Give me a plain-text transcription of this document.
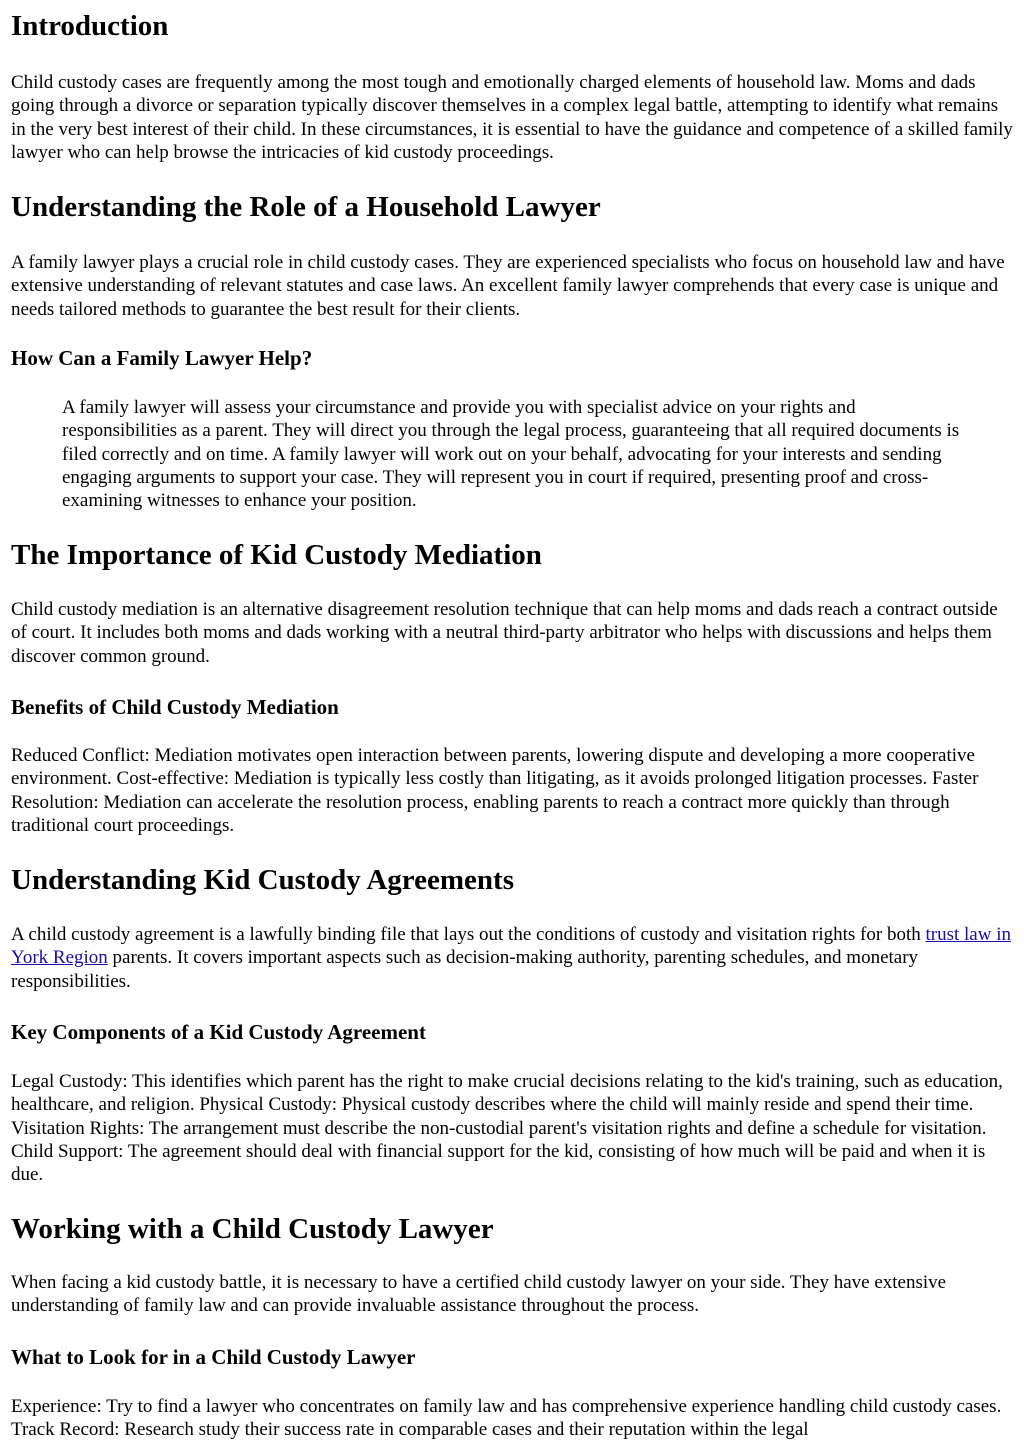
Introduction

Child custody cases are frequently among the most tough and emotionally charged elements of household law. Moms and dads going through a divorce or separation typically discover themselves in a complex legal battle, attempting to identify what remains in the very best interest of their child. In these circumstances, it is essential to have the guidance and competence of a skilled family lawyer who can help browse the intricacies of kid custody proceedings.

Understanding the Role of a Household Lawyer

A family lawyer plays a crucial role in child custody cases. They are experienced specialists who focus on household law and have extensive understanding of relevant statutes and case laws. An excellent family lawyer comprehends that every case is unique and needs tailored methods to guarantee the best result for their clients.

How Can a Family Lawyer Help?

A family lawyer will assess your circumstance and provide you with specialist advice on your rights and responsibilities as a parent. They will direct you through the legal process, guaranteeing that all required documents is filed correctly and on time. A family lawyer will work out on your behalf, advocating for your interests and sending engaging arguments to support your case. They will represent you in court if required, presenting proof and cross-examining witnesses to enhance your position.

The Importance of Kid Custody Mediation

Child custody mediation is an alternative disagreement resolution technique that can help moms and dads reach a contract outside of court. It includes both moms and dads working with a neutral third-party arbitrator who helps with discussions and helps them discover common ground.

Benefits of Child Custody Mediation

Reduced Conflict: Mediation motivates open interaction between parents, lowering dispute and developing a more cooperative environment. Cost-effective: Mediation is typically less costly than litigating, as it avoids prolonged litigation processes. Faster Resolution: Mediation can accelerate the resolution process, enabling parents to reach a contract more quickly than through traditional court proceedings.

Understanding Kid Custody Agreements

A child custody agreement is a lawfully binding file that lays out the conditions of custody and visitation rights for both trust law in York Region parents. It covers important aspects such as decision-making authority, parenting schedules, and monetary responsibilities.

Key Components of a Kid Custody Agreement

Legal Custody: This identifies which parent has the right to make crucial decisions relating to the kid's training, such as education, healthcare, and religion. Physical Custody: Physical custody describes where the child will mainly reside and spend their time. Visitation Rights: The arrangement must describe the non-custodial parent's visitation rights and define a schedule for visitation. Child Support: The agreement should deal with financial support for the kid, consisting of how much will be paid and when it is due.

Working with a Child Custody Lawyer

When facing a kid custody battle, it is necessary to have a certified child custody lawyer on your side. They have extensive understanding of family law and can provide invaluable assistance throughout the process.

What to Look for in a Child Custody Lawyer

Experience: Try to find a lawyer who concentrates on family law and has comprehensive experience handling child custody cases. Track Record: Research study their success rate in comparable cases and their reputation within the legal
